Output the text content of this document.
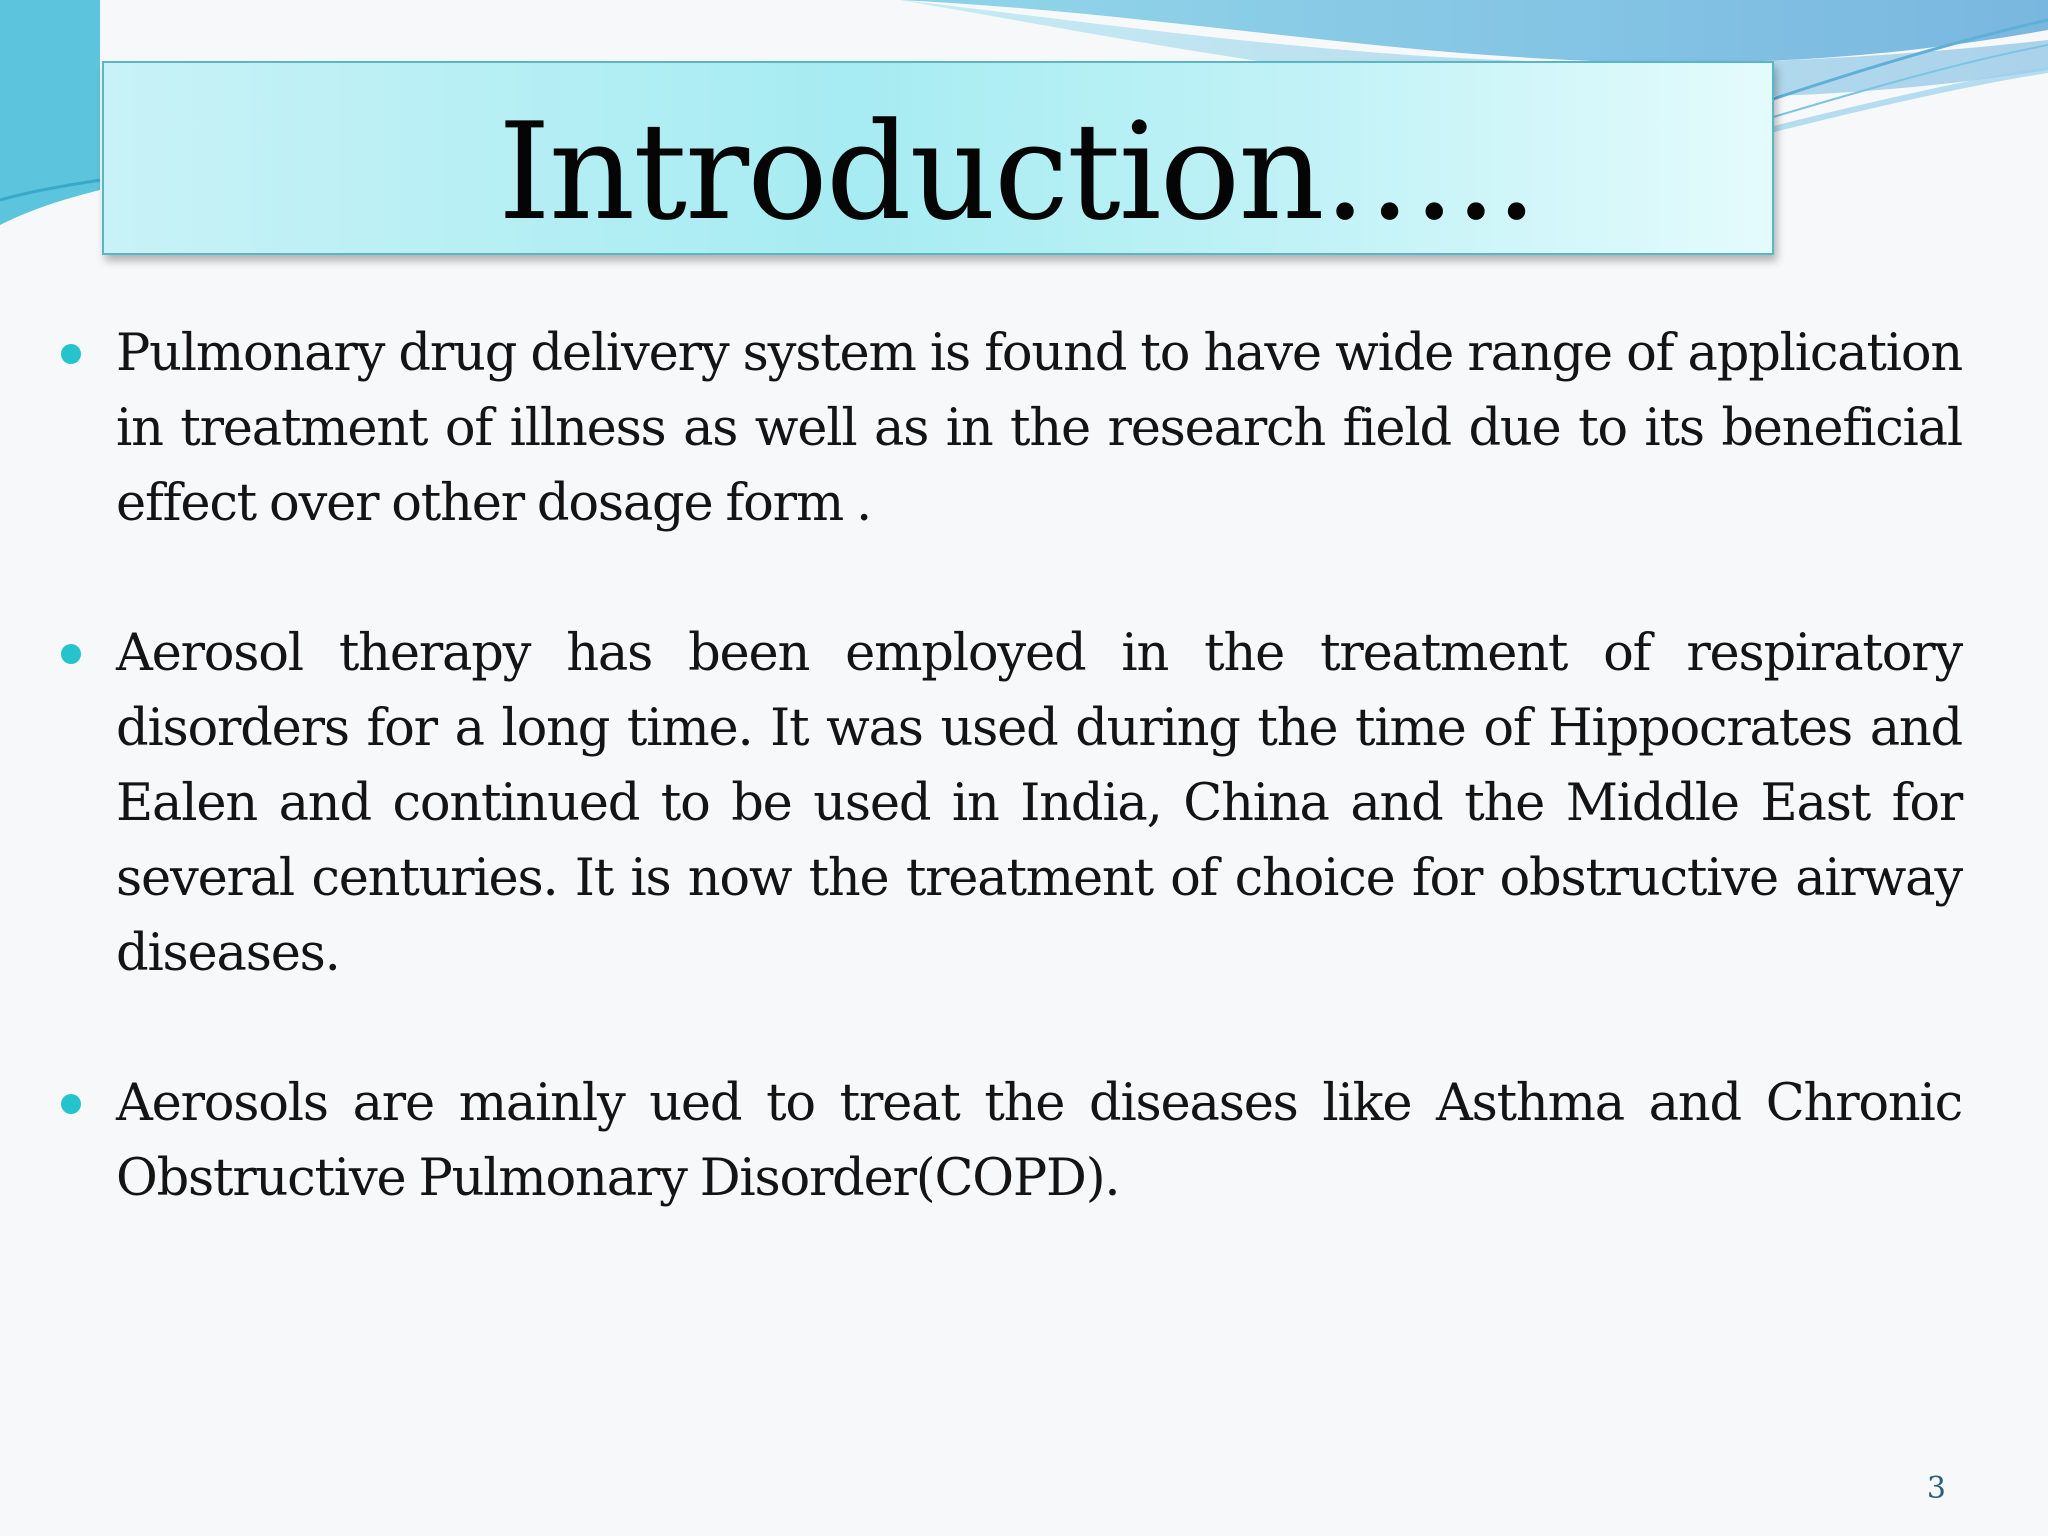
Introduction…..

Pulmonary drug delivery system is found to have wide range of application in treatment of illness as well as in the research field due to its beneficial effect over other dosage form .

Aerosol therapy has been employed in the treatment of respiratory disorders for a long time. It was used during the time of Hippocrates and Ealen and continued to be used in India, China and the Middle East for several centuries. It is now the treatment of choice for obstructive airway diseases.

Aerosols are mainly ued to treat the diseases like Asthma and Chronic Obstructive Pulmonary Disorder(COPD).

3
